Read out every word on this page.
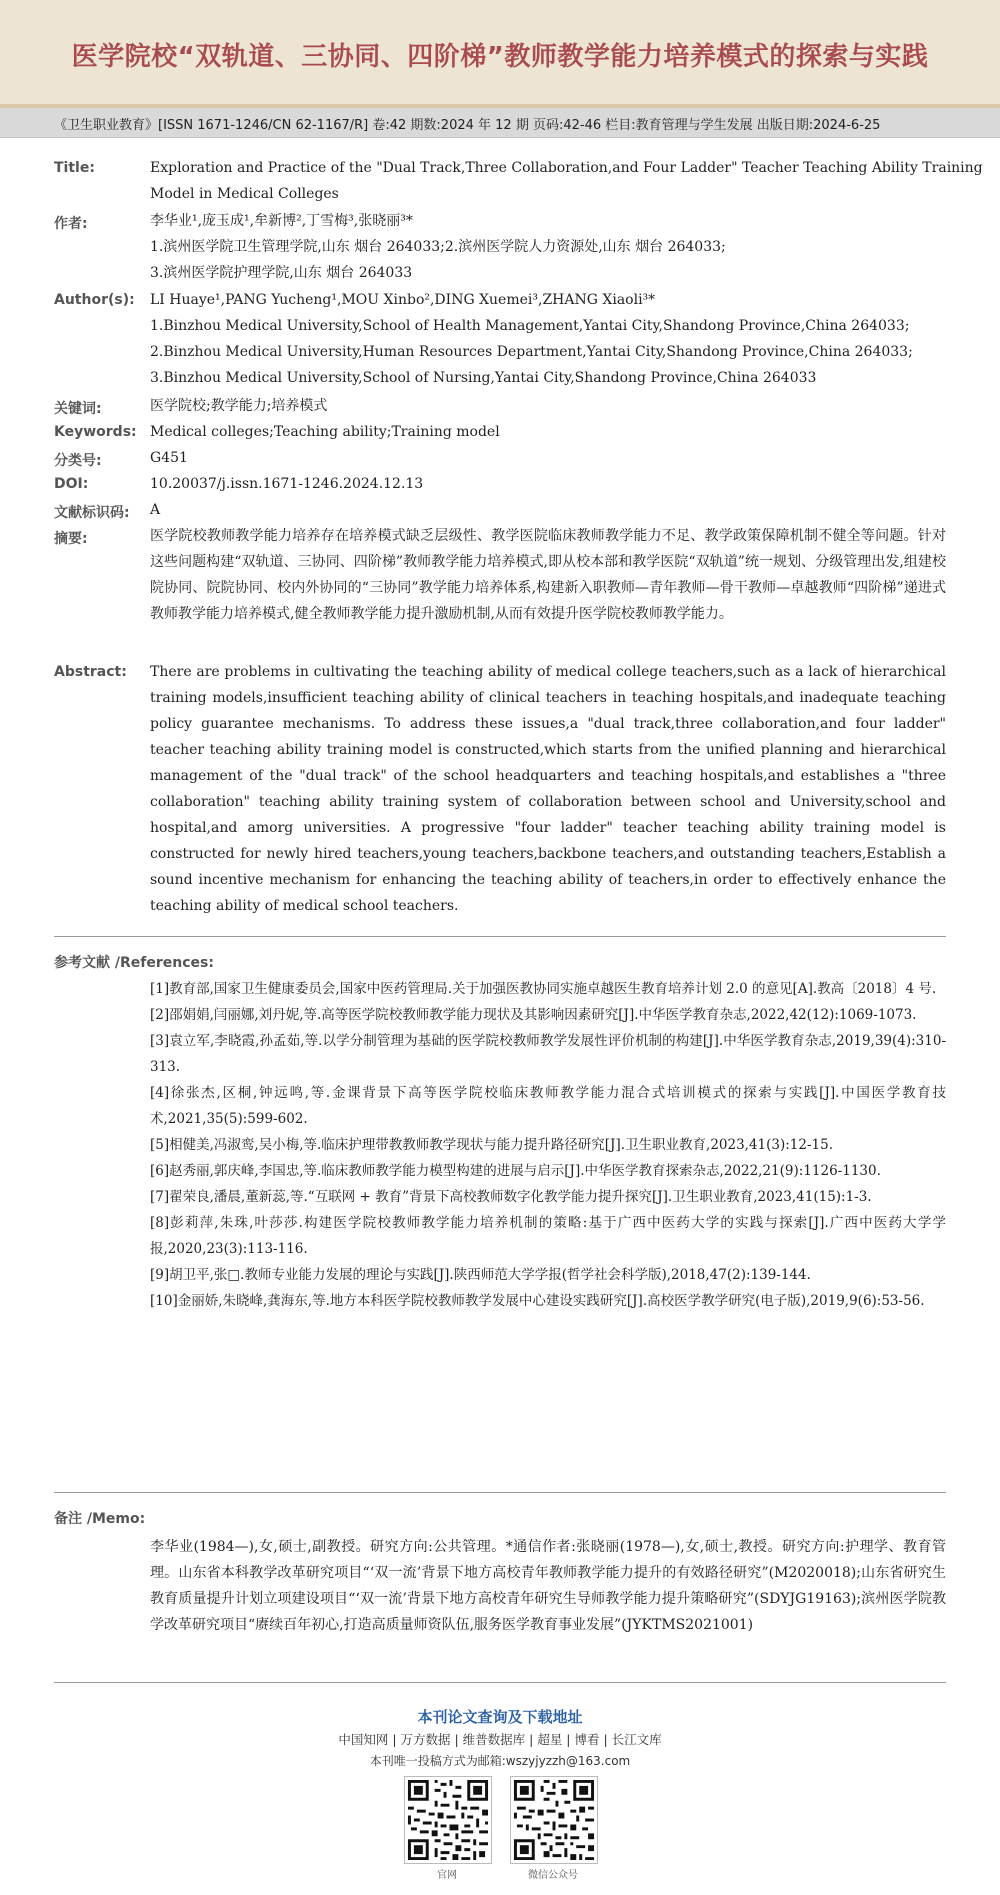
医学院校“双轨道、三协同、四阶梯”教师教学能力培养模式的探索与实践
《卫生职业教育》[ISSN 1671-1246/CN 62-1167/R] 卷:42 期数:2024 年 12 期 页码:42-46 栏目:教育管理与学生发展 出版日期:2024-6-25
Title:	Exploration and Practice of the "Dual Track,Three Collaboration,and Four Ladder" Teacher Teaching Ability Training
Model in Medical Colleges
作者:	李华业¹,庞玉成¹,牟新博²,丁雪梅³,张晓丽³*
1.滨州医学院卫生管理学院,山东 烟台 264033;2.滨州医学院人力资源处,山东 烟台 264033;
3.滨州医学院护理学院,山东 烟台 264033
Author(s): LI Huaye¹,PANG Yucheng¹,MOU Xinbo²,DING Xuemei³,ZHANG Xiaoli³*
1.Binzhou Medical University,School of Health Management,Yantai City,Shandong Province,China 264033;
2.Binzhou Medical University,Human Resources Department,Yantai City,Shandong Province,China 264033;
3.Binzhou Medical University,School of Nursing,Yantai City,Shandong Province,China 264033
关键词:	医学院校;教学能力;培养模式
Keywords: Medical colleges;Teaching ability;Training model
分类号:	G451
DOI:	10.20037/j.issn.1671-1246.2024.12.13
文献标识码: A
摘要:	医学院校教师教学能力培养存在培养模式缺乏层级性、教学医院临床教师教学能力不足、教学政策保障机制不健全等问题。针对这些问题构建“双轨道、三协同、四阶梯”教师教学能力培养模式,即从校本部和教学医院“双轨道”统一规划、分级管理出发,组建校院协同、院院协同、校内外协同的“三协同”教学能力培养体系,构建新入职教师—青年教师—骨干教师—卓越教师“四阶梯”递进式教师教学能力培养模式,健全教师教学能力提升激励机制,从而有效提升医学院校教师教学能力。
Abstract: There are problems in cultivating the teaching ability of medical college teachers,such as a lack of hierarchical training models,insufficient teaching ability of clinical teachers in teaching hospitals,and inadequate teaching policy guarantee mechanisms. To address these issues,a "dual track,three collaboration,and four ladder" teacher teaching ability training model is constructed,which starts from the unified planning and hierarchical management of the "dual track" of the school headquarters and teaching hospitals,and establishes a "three collaboration" teaching ability training system of collaboration between school and University,school and hospital,and amorg universities. A progressive "four ladder" teacher teaching ability training model is constructed for newly hired teachers,young teachers,backbone teachers,and outstanding teachers,Establish a sound incentive mechanism for enhancing the teaching ability of teachers,in order to effectively enhance the teaching ability of medical school teachers.
参考文献 /References:
[1]教育部,国家卫生健康委员会,国家中医药管理局.关于加强医教协同实施卓越医生教育培养计划 2.0 的意见[A].教高〔2018〕4 号.
[2]邵娟娟,闫丽娜,刘丹妮,等.高等医学院校教师教学能力现状及其影响因素研究[J].中华医学教育杂志,2022,42(12):1069-1073.
[3]袁立军,李晓霞,孙孟茹,等.以学分制管理为基础的医学院校教师教学发展性评价机制的构建[J].中华医学教育杂志,2019,39(4):310-313.
[4]徐张杰,区桐,钟远鸣,等.金课背景下高等医学院校临床教师教学能力混合式培训模式的探索与实践[J].中国医学教育技术,2021,35(5):599-602.
[5]相健美,冯淑鸾,吴小梅,等.临床护理带教教师教学现状与能力提升路径研究[J].卫生职业教育,2023,41(3):12-15.
[6]赵秀丽,郭庆峰,李国忠,等.临床教师教学能力模型构建的进展与启示[J].中华医学教育探索杂志,2022,21(9):1126-1130.
[7]翟荣良,潘晨,董新蕊,等.“互联网 + 教育”背景下高校教师数字化教学能力提升探究[J].卫生职业教育,2023,41(15):1-3.
[8]彭莉萍,朱珠,叶莎莎.构建医学院校教师教学能力培养机制的策略:基于广西中医药大学的实践与探索[J].广西中医药大学学报,2020,23(3):113-116.
[9]胡卫平,张□.教师专业能力发展的理论与实践[J].陕西师范大学学报(哲学社会科学版),2018,47(2):139-144.
[10]金丽娇,朱晓峰,龚海东,等.地方本科医学院校教师教学发展中心建设实践研究[J].高校医学教学研究(电子版),2019,9(6):53-56.
备注 /Memo:
李华业(1984—),女,硕士,副教授。研究方向:公共管理。*通信作者:张晓丽(1978—),女,硕士,教授。研究方向:护理学、教育管理。山东省本科教学改革研究项目“‘双一流’背景下地方高校青年教师教学能力提升的有效路径研究”(M2020018);山东省研究生教育质量提升计划立项建设项目“‘双一流’背景下地方高校青年研究生导师教学能力提升策略研究”(SDYJG19163);滨州医学院教学改革研究项目“赓续百年初心,打造高质量师资队伍,服务医学教育事业发展”(JYKTMS2021001)
本刊论文查询及下载地址
中国知网 | 万方数据 | 维普数据库 | 超星 | 博看 | 长江文库
本刊唯一投稿方式为邮箱:wszyjyzzh@163.com
官网	微信公众号
